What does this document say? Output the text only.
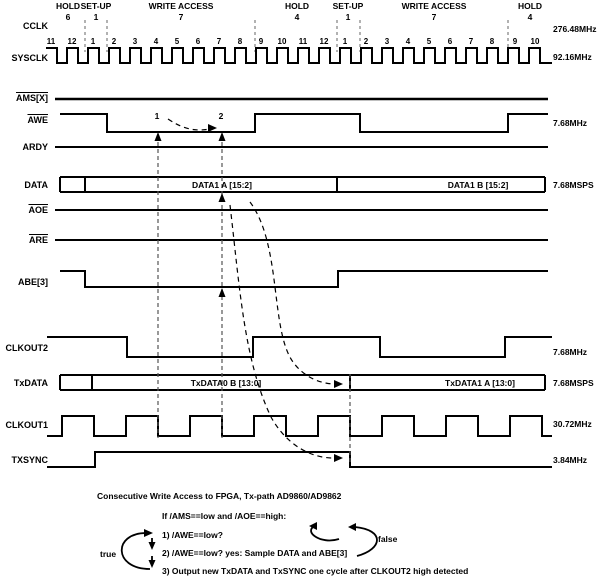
HOLD
6
SET-UP
1
WRITE ACCESS
7
HOLD
4
SET-UP
1
WRITE ACCESS
7
HOLD
4
11	12	1	2	3	4	5	6	7	8	9	10	11	12	1	2	3	4	5	6	7	8	9	10
CCLK
SYSCLK
AMS[X]
$\overline{AWE}$
ARDY
DATA
$\overline{AOE}$
$\overline{ARE}$
ABE[3]
CLKOUT2
TxDATA
CLKOUT1
TXSYNC
276.48MHz
92.16MHz
7.68MHz
7.68MSPS
7.68MHz
7.68MSPS
30.72MHz
3.84MHz
DATA1 A [15:2]	DATA1 B [15:2]
TxDATA0 B [13:0]	TxDATA1 A [13:0]
1	2
Consecutive Write Access to FPGA, Tx-path AD9860/AD9862
If /AMS==low and /AOE==high:
1) /AWE==low?
2) /AWE==low? yes: Sample DATA and ABE[3]
3) Output new TxDATA and TxSYNC one cycle after CLKOUT2 high detected
true
false
